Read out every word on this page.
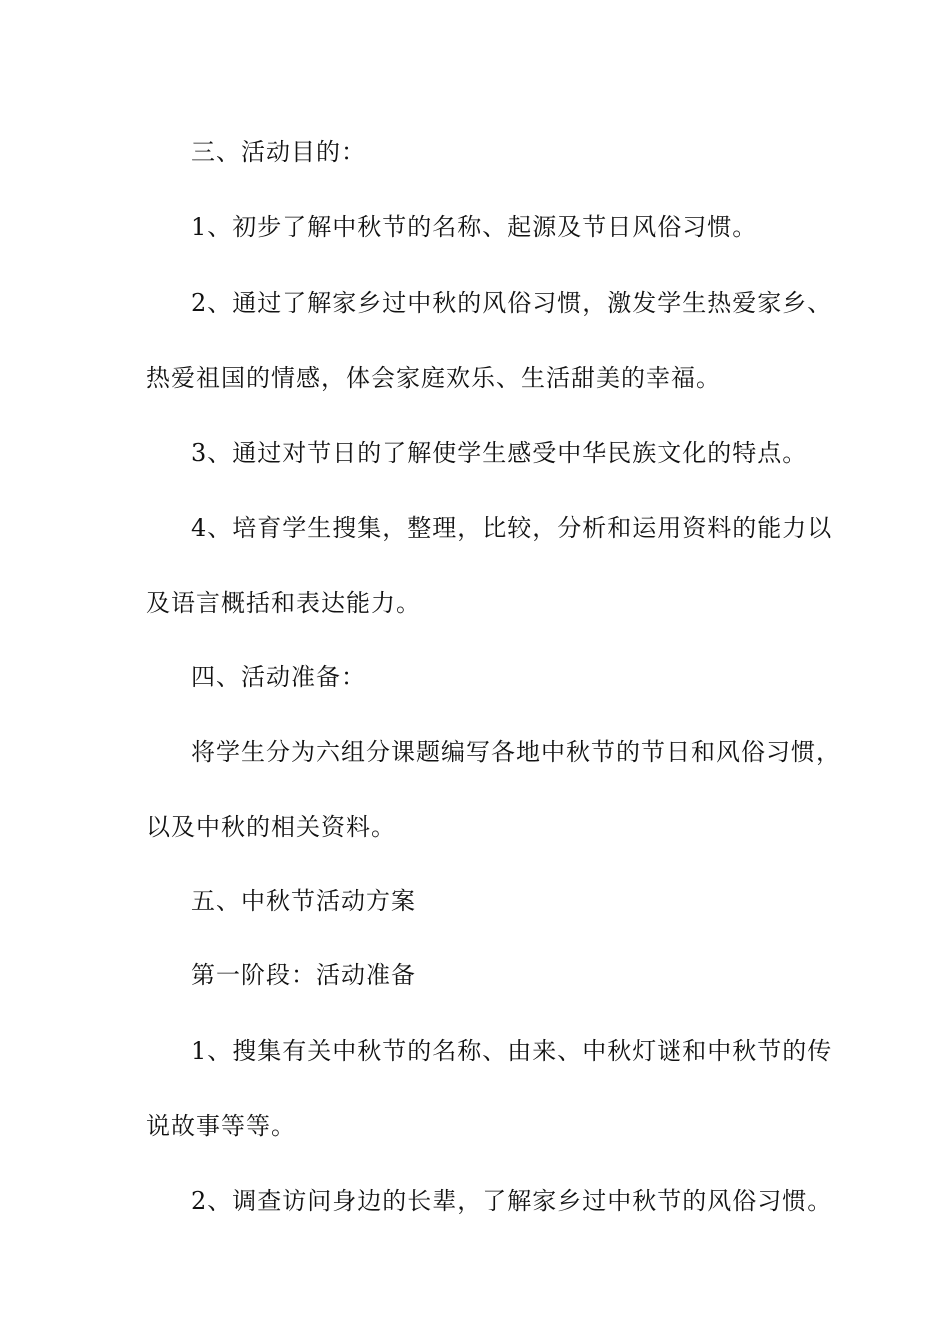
三、活动目的：
1、初步了解中秋节的名称、起源及节日风俗习惯。
2、通过了解家乡过中秋的风俗习惯，激发学生热爱家乡、
热爱祖国的情感，体会家庭欢乐、生活甜美的幸福。
3、通过对节日的了解使学生感受中华民族文化的特点。
4、培育学生搜集，整理，比较，分析和运用资料的能力以
及语言概括和表达能力。
四、活动准备：
将学生分为六组分课题编写各地中秋节的节日和风俗习惯，
以及中秋的相关资料。
五、中秋节活动方案
第一阶段：活动准备
1、搜集有关中秋节的名称、由来、中秋灯谜和中秋节的传
说故事等等。
2、调查访问身边的长辈，了解家乡过中秋节的风俗习惯。
